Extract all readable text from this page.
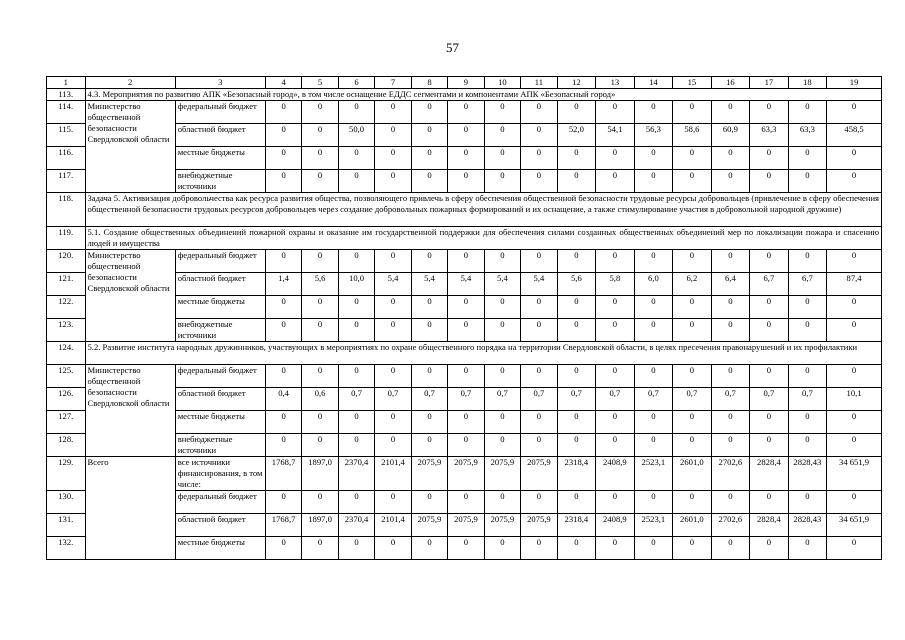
57
1	2	3	4	5	6	7	8	9	10	11	12	13	14	15	16	17	18	19
113.	4.3. Мероприятия по развитию АПК «Безопасный город», в том числе оснащение ЕДДС сегментами и компонентами АПК «Безопасный город»																	
114.	Министерство общественной безопасности Свердловской области	федеральный бюджет	0	0	0	0	0	0	0	0	0	0	0	0	0	0	0	0
115.		областной бюджет	0	0	50,0	0	0	0	0	0	52,0	54,1	56,3	58,6	60,9	63,3	63,3	458,5
116.		местные бюджеты	0	0	0	0	0	0	0	0	0	0	0	0	0	0	0	0
117.		внебюджетные источники	0	0	0	0	0	0	0	0	0	0	0	0	0	0	0	0
118.	Задача 5. Активизация добровольчества как ресурса развития общества, позволяющего привлечь в сферу обеспечения общественной безопасности трудовые ресурсы добровольцев (привлечение в сферу обеспечения общественной безопасности трудовых ресурсов добровольцев через создание добровольных пожарных формирований и их оснащение, а также стимулирование участия в добровольной народной дружине)																	
119.	5.1. Создание общественных объединений пожарной охраны и оказание им государственной поддержки для обеспечения силами созданных общественных объединений мер по локализации пожара и спасению людей и имущества																	
120.	Министерство общественной безопасности Свердловской области	федеральный бюджет	0	0	0	0	0	0	0	0	0	0	0	0	0	0	0	0
121.		областной бюджет	1,4	5,6	10,0	5,4	5,4	5,4	5,4	5,4	5,6	5,8	6,0	6,2	6,4	6,7	6,7	87,4
122.		местные бюджеты	0	0	0	0	0	0	0	0	0	0	0	0	0	0	0	0
123.		внебюджетные источники	0	0	0	0	0	0	0	0	0	0	0	0	0	0	0	0
124.	5.2. Развитие института народных дружинников, участвующих в мероприятиях по охране общественного порядка на территории Свердловской области, в целях пресечения правонарушений и их профилактики																	
125.	Министерство общественной безопасности Свердловской области	федеральный бюджет	0	0	0	0	0	0	0	0	0	0	0	0	0	0	0	0
126.		областной бюджет	0,4	0,6	0,7	0,7	0,7	0,7	0,7	0,7	0,7	0,7	0,7	0,7	0,7	0,7	0,7	10,1
127.		местные бюджеты	0	0	0	0	0	0	0	0	0	0	0	0	0	0	0	0
128.		внебюджетные источники	0	0	0	0	0	0	0	0	0	0	0	0	0	0	0	0
129.	Всего	все источники финансирования, в том числе:	1768,7	1897,0	2370,4	2101,4	2075,9	2075,9	2075,9	2075,9	2318,4	2408,9	2523,1	2601,0	2702,6	2828,4	2828,43	34 651,9
130.		федеральный бюджет	0	0	0	0	0	0	0	0	0	0	0	0	0	0	0	0
131.		областной бюджет	1768,7	1897,0	2370,4	2101,4	2075,9	2075,9	2075,9	2075,9	2318,4	2408,9	2523,1	2601,0	2702,6	2828,4	2828,43	34 651,9
132.		местные бюджеты	0	0	0	0	0	0	0	0	0	0	0	0	0	0	0	0
